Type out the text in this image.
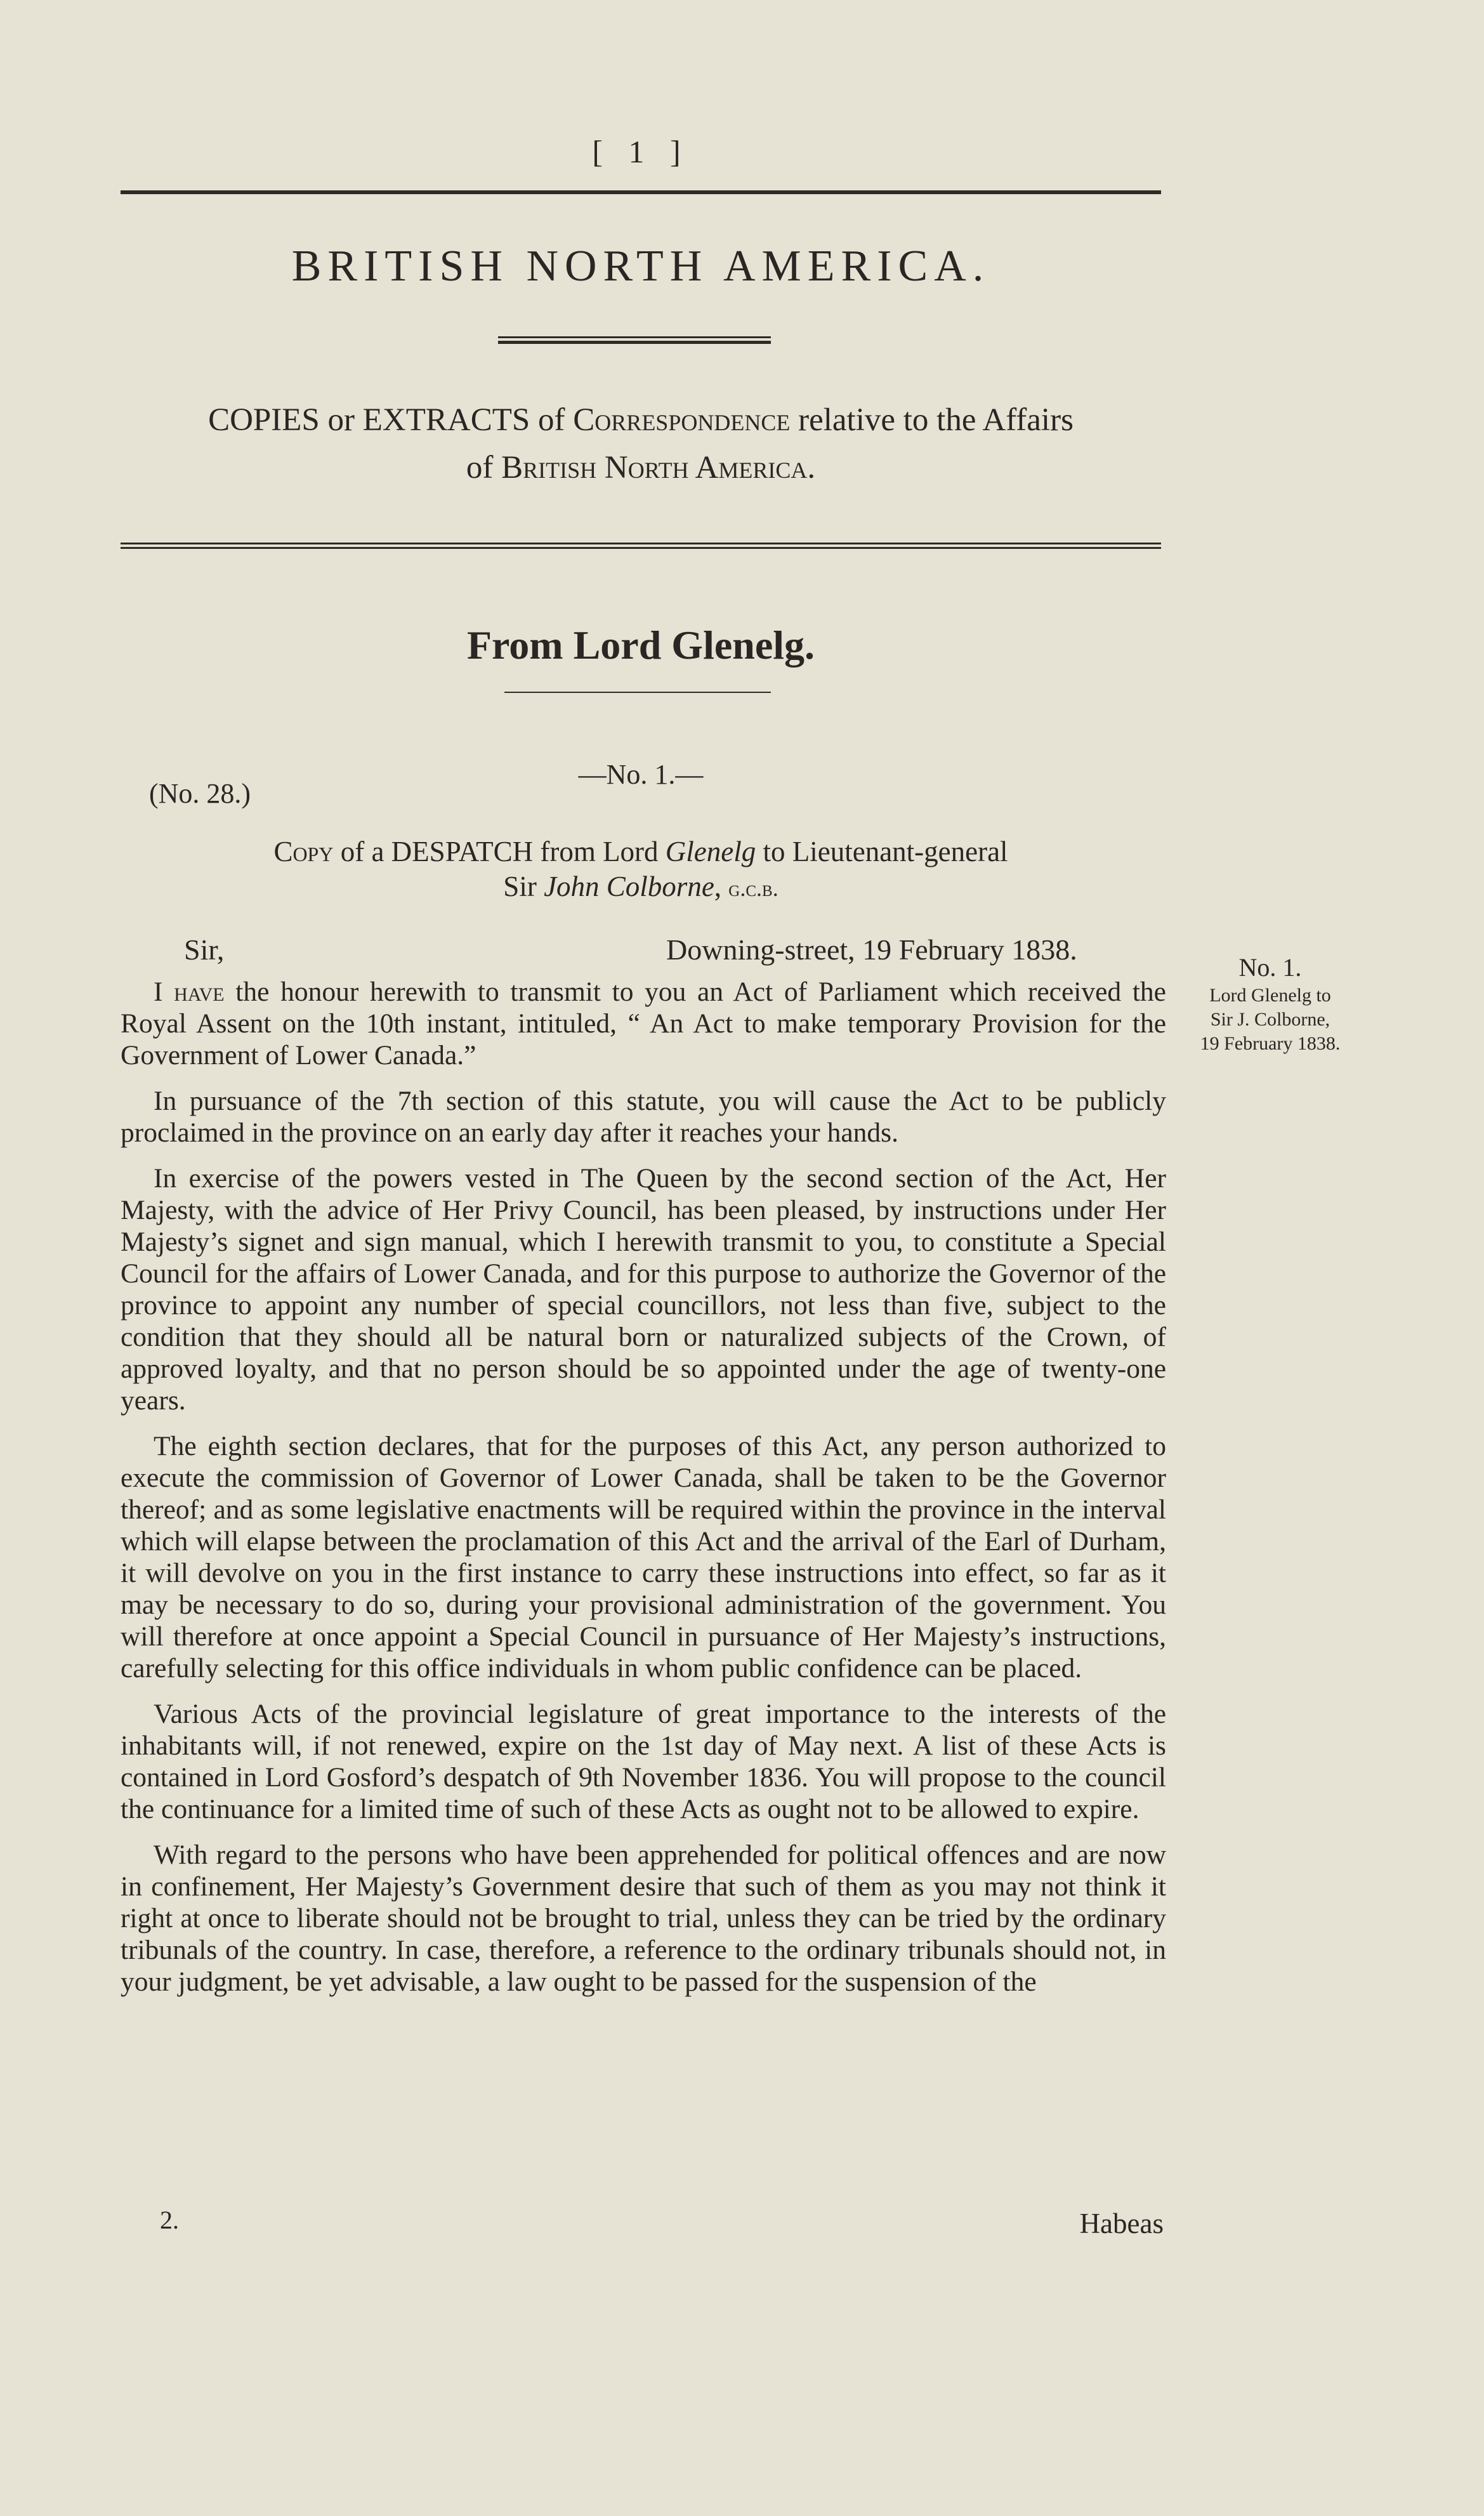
[ 1 ]
BRITISH NORTH AMERICA.
COPIES or EXTRACTS of Correspondence relative to the Affairs
of British North America.
From Lord Glenelg.
—No. 1.—
(No. 28.)
Copy of a DESPATCH from Lord Glenelg to Lieutenant-general
Sir John Colborne, g.c.b.
Sir,	Downing-street, 19 February 1838.

I have the honour herewith to transmit to you an Act of Parliament which received the Royal Assent on the 10th instant, intituled, “ An Act to make temporary Provision for the Government of Lower Canada.”

In pursuance of the 7th section of this statute, you will cause the Act to be publicly proclaimed in the province on an early day after it reaches your hands.

In exercise of the powers vested in The Queen by the second section of the Act, Her Majesty, with the advice of Her Privy Council, has been pleased, by instructions under Her Majesty’s signet and sign manual, which I herewith transmit to you, to constitute a Special Council for the affairs of Lower Canada, and for this purpose to authorize the Governor of the province to appoint any number of special councillors, not less than five, subject to the condition that they should all be natural born or naturalized subjects of the Crown, of approved loyalty, and that no person should be so appointed under the age of twenty-one years.

The eighth section declares, that for the purposes of this Act, any person authorized to execute the commission of Governor of Lower Canada, shall be taken to be the Governor thereof; and as some legislative enactments will be required within the province in the interval which will elapse between the proclamation of this Act and the arrival of the Earl of Durham, it will devolve on you in the first instance to carry these instructions into effect, so far as it may be necessary to do so, during your provisional administration of the government. You will therefore at once appoint a Special Council in pursuance of Her Majesty’s instructions, carefully selecting for this office individuals in whom public confidence can be placed.

Various Acts of the provincial legislature of great importance to the interests of the inhabitants will, if not renewed, expire on the 1st day of May next. A list of these Acts is contained in Lord Gosford’s despatch of 9th November 1836. You will propose to the council the continuance for a limited time of such of these Acts as ought not to be allowed to expire.

With regard to the persons who have been apprehended for political offences and are now in confinement, Her Majesty’s Government desire that such of them as you may not think it right at once to liberate should not be brought to trial, unless they can be tried by the ordinary tribunals of the country. In case, therefore, a reference to the ordinary tribunals should not, in your judgment, be yet advisable, a law ought to be passed for the suspension of the

No. 1.
Lord Glenelg to
Sir J. Colborne,
19 February 1838.
2.	Habeas
